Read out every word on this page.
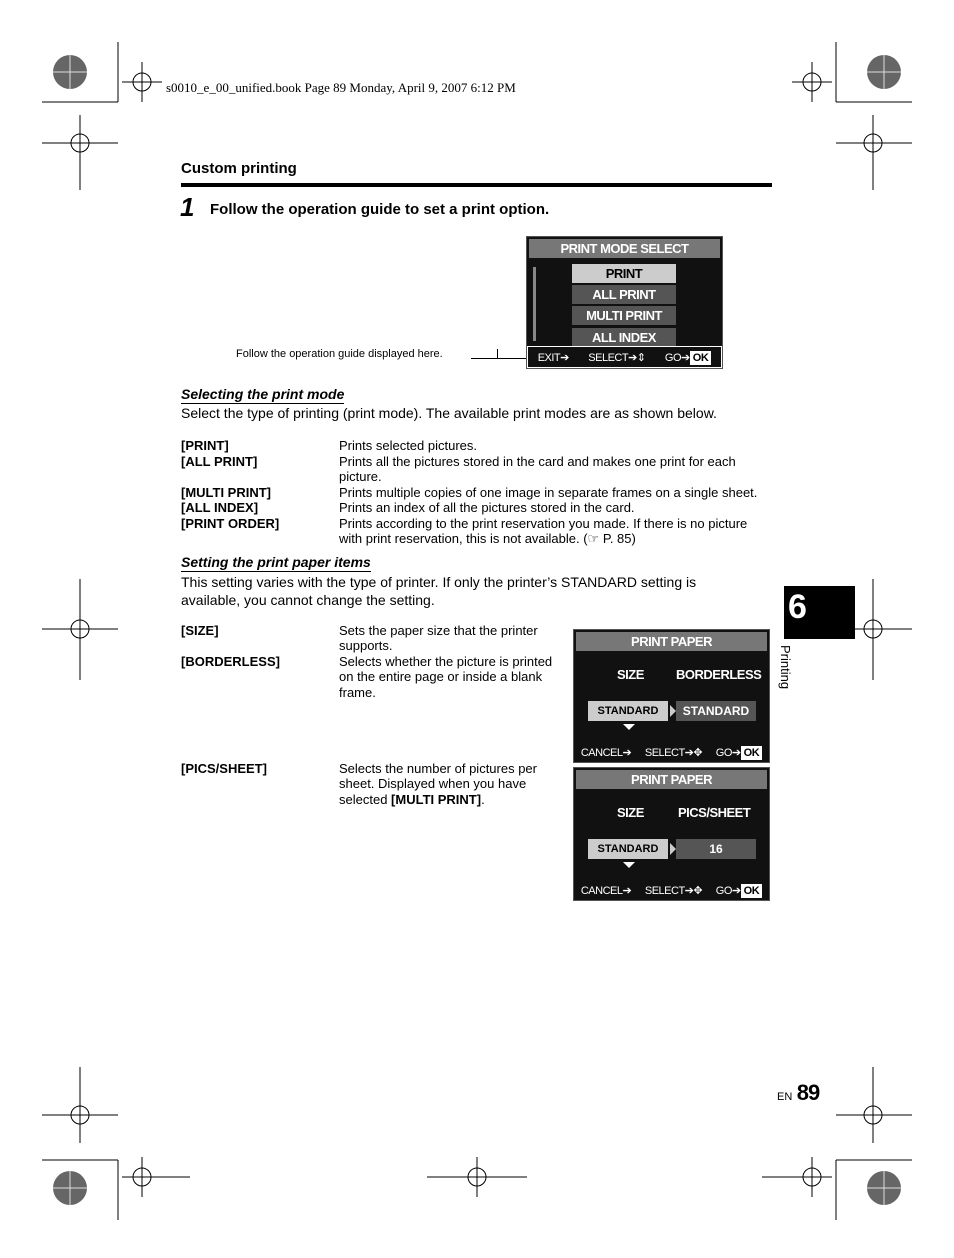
s0010_e_00_unified.book Page 89 Monday, April 9, 2007 6:12 PM
Custom printing
1 Follow the operation guide to set a print option.
PRINT MODE SELECT
PRINT
ALL PRINT
MULTI PRINT
ALL INDEX
EXIT➔ SELECT➔⇕ GO➔ OK
Follow the operation guide displayed here.
Selecting the print mode
Select the type of printing (print mode). The available print modes are as shown below.
[PRINT]	Prints selected pictures.
[ALL PRINT]	Prints all the pictures stored in the card and makes one print for each
picture.
[MULTI PRINT]	Prints multiple copies of one image in separate frames on a single sheet.
[ALL INDEX]	Prints an index of all the pictures stored in the card.
[PRINT ORDER]	Prints according to the print reservation you made. If there is no picture
with print reservation, this is not available. (☞ P. 85)
Setting the print paper items
This setting varies with the type of printer. If only the printer’s STANDARD setting is
available, you cannot change the setting.
[SIZE]	Sets the paper size that the printer
supports.
[BORDERLESS]	Selects whether the picture is printed
on the entire page or inside a blank
frame.
[PICS/SHEET]	Selects the number of pictures per
sheet. Displayed when you have
selected [MULTI PRINT].
PRINT PAPER
SIZE BORDERLESS
STANDARD	STANDARD
CANCEL➔ SELECT➔✥ GO➔ OK
PRINT PAPER
SIZE	PICS/SHEET
STANDARD	16
CANCEL➔ SELECT➔✥ GO➔ OK
6
Printing
EN 89
